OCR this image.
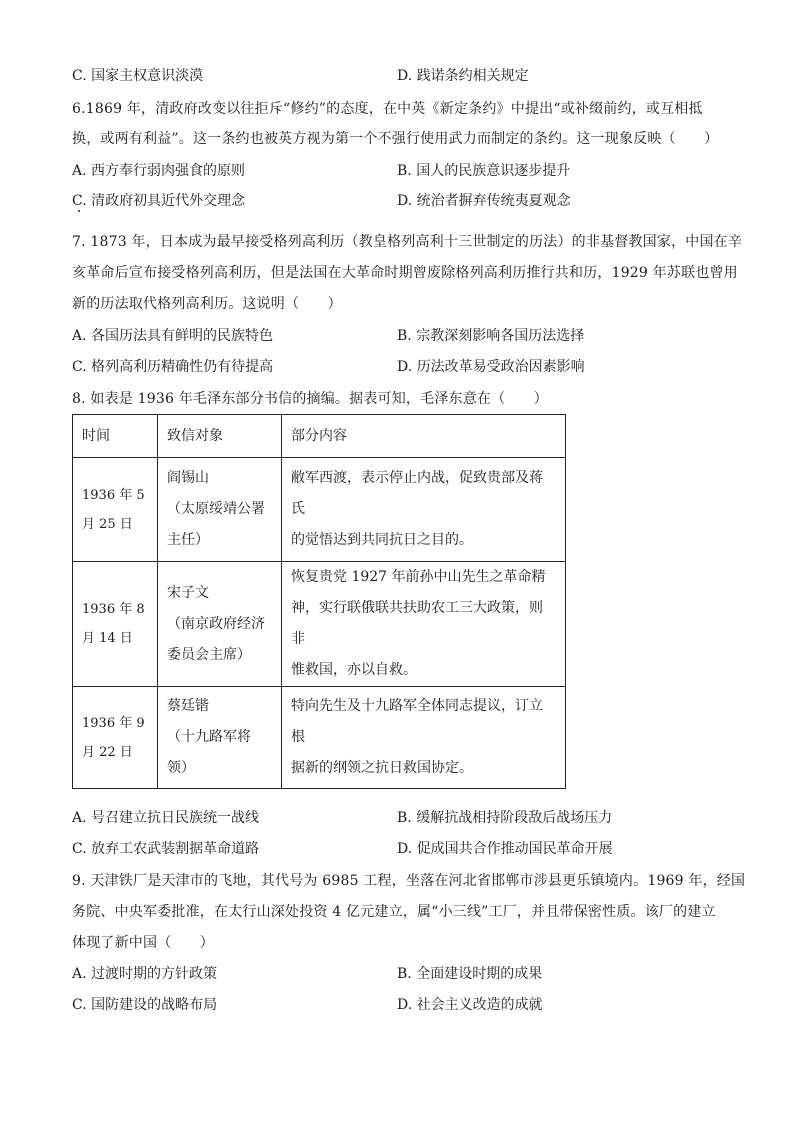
C. 国家主权意识淡漠	D. 践诺条约相关规定
6.1869 年，清政府改变以往拒斥“修约”的态度，在中英《新定条约》中提出“或补缀前约，或互相抵
换，或两有利益”。这一条约也被英方视为第一个不强行使用武力而制定的条约。这一现象反映（　　）
A. 西方奉行弱肉强食的原则	B. 国人的民族意识逐步提升
C. 清政府初具近代外交理念	D. 统治者摒弃传统夷夏观念
7. 1873 年，日本成为最早接受格列高利历（教皇格列高利十三世制定的历法）的非基督教国家，中国在辛
亥革命后宣布接受格列高利历，但是法国在大革命时期曾废除格列高利历推行共和历，1929 年苏联也曾用
新的历法取代格列高利历。这说明（　　）
A. 各国历法具有鲜明的民族特色	B. 宗教深刻影响各国历法选择
C. 格列高利历精确性仍有待提高	D. 历法改革易受政治因素影响
8. 如表是 1936 年毛泽东部分书信的摘编。据表可知，毛泽东意在（　　）
时间	致信对象	部分内容

1936 年 5
月 25 日	阎锡山
（太原绥靖公署
主任）	敝军西渡，表示停止内战，促致贵部及蒋氏
的觉悟达到共同抗日之目的。

1936 年 8
月 14 日	宋子文
（南京政府经济
委员会主席）	恢复贵党 1927 年前孙中山先生之革命精
神，实行联俄联共扶助农工三大政策，则非
惟救国，亦以自救。

1936 年 9
月 22 日	蔡廷锴
（十九路军将
领）	特向先生及十九路军全体同志提议，订立根
据新的纲领之抗日救国协定。
A. 号召建立抗日民族统一战线	B. 缓解抗战相持阶段敌后战场压力
C. 放弃工农武装割据革命道路	D. 促成国共合作推动国民革命开展
9. 天津铁厂是天津市的飞地，其代号为 6985 工程，坐落在河北省邯郸市涉县更乐镇境内。1969 年，经国
务院、中央军委批准，在太行山深处投资 4 亿元建立，属“小三线”工厂，并且带保密性质。该厂的建立
体现了新中国（　　）
A. 过渡时期的方针政策	B. 全面建设时期的成果
C. 国防建设的战略布局	D. 社会主义改造的成就
